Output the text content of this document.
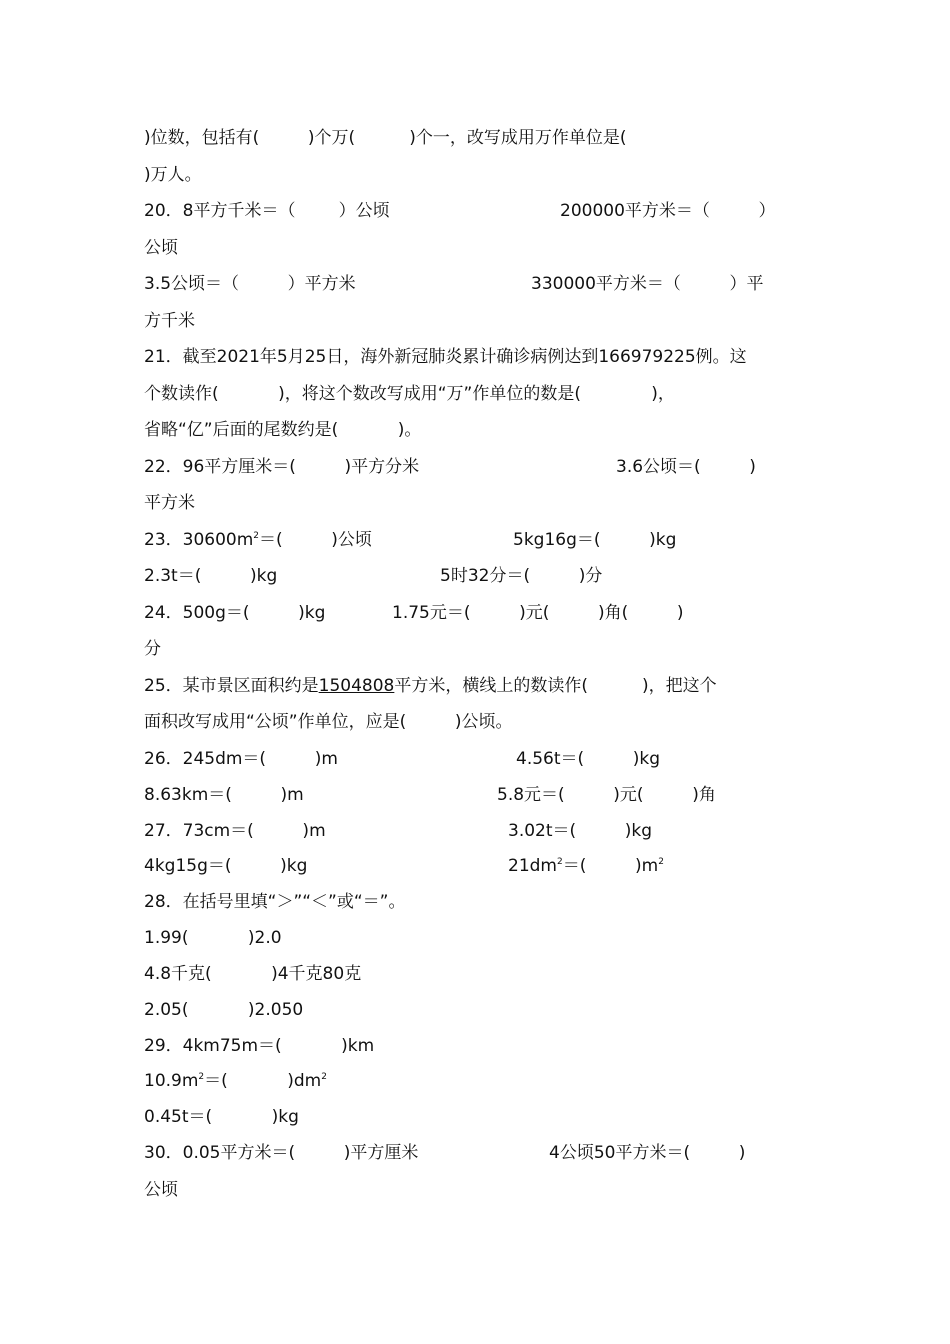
)位数，包括有(         )个万(          )个一，改写成用万作单位是(
)万人。
20．8平方千米＝（        ）公顷	200000平方米＝（         ）
公顷
3.5公顷＝（         ）平方米	330000平方米＝（         ）平
方千米
21．截至2021年5月25日，海外新冠肺炎累计确诊病例达到166979225例。这
个数读作(           )，将这个数改写成用“万”作单位的数是(             )，
省略“亿”后面的尾数约是(           )。
22．96平方厘米＝(         )平方分米	3.6公顷＝(         )
平方米
23．$30600m^2=$(         )公顷	5kg16g＝(         )kg
2.3t＝(         )kg	5时32分＝(         )分
24．500g＝(         )kg	1.75元＝(         )元(         )角(         )
分
25．某市景区面积约是1504808平方米，横线上的数读作(          )，把这个
面积改写成用“公顷”作单位，应是(         )公顷。
26．245dm＝(         )m	4.56t＝(         )kg
8.63km＝(         )m	5.8元＝(         )元(         )角
27．73cm＝(         )m	3.02t＝(         )kg
4kg15g＝(         )kg	$21dm^2=$(         )$m^2$
28．在括号里填“＞”“＜”或“＝”。
1.99(           )2.0
4.8千克(           )4千克80克
2.05(           )2.050
29．4km75m＝(           )km
$10.9m^2=$(           )$dm^2$
0.45t＝(           )kg
30．0.05平方米＝(         )平方厘米	4公顷50平方米＝(         )
公顷
